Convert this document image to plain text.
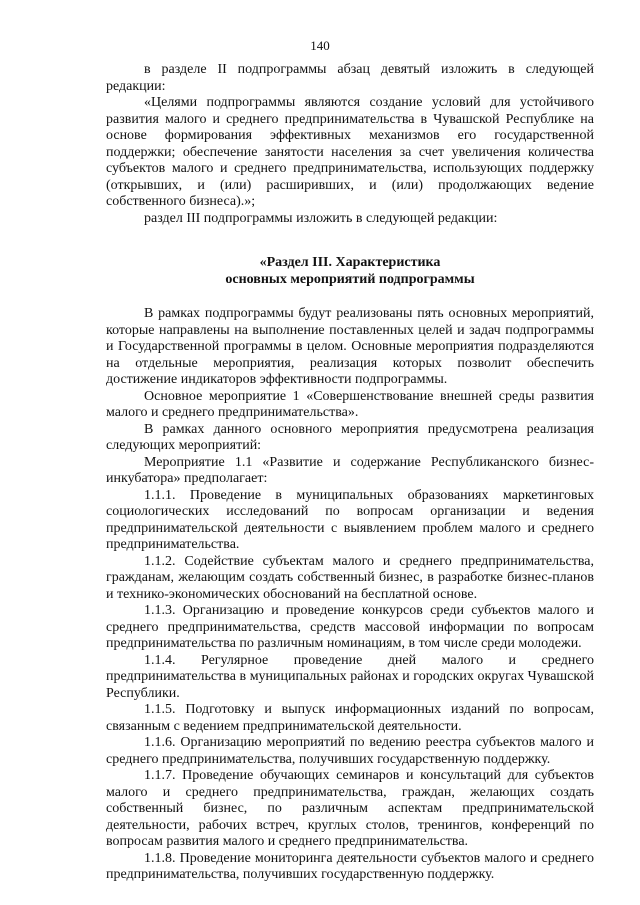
140

в разделе II подпрограммы абзац девятый изложить в следующей редакции:

«Целями подпрограммы являются создание условий для устойчивого развития малого и среднего предпринимательства в Чувашской Республике на основе формирования эффективных механизмов его государственной поддержки; обеспечение занятости населения за счет увеличения количества субъектов малого и среднего предпринимательства, использующих поддержку (открывших, и (или) расширивших, и (или) продолжающих ведение собственного бизнеса).»;

раздел III подпрограммы изложить в следующей редакции:

«Раздел III. Характеристика

основных мероприятий подпрограммы

В рамках подпрограммы будут реализованы пять основных мероприятий, которые направлены на выполнение поставленных целей и задач подпрограммы и Государственной программы в целом. Основные мероприятия подразделяются на отдельные мероприятия, реализация которых позволит обеспечить достижение индикаторов эффективности подпрограммы.

Основное мероприятие 1 «Совершенствование внешней среды развития малого и среднего предпринимательства».

В рамках данного основного мероприятия предусмотрена реализация следующих мероприятий:

Мероприятие 1.1 «Развитие и содержание Республиканского бизнес-инкубатора» предполагает:

1.1.1. Проведение в муниципальных образованиях маркетинговых социологических исследований по вопросам организации и ведения предпринимательской деятельности с выявлением проблем малого и среднего предпринимательства.

1.1.2. Содействие субъектам малого и среднего предпринимательства, гражданам, желающим создать собственный бизнес, в разработке бизнес-планов и технико-экономических обоснований на бесплатной основе.

1.1.3. Организацию и проведение конкурсов среди субъектов малого и среднего предпринимательства, средств массовой информации по вопросам предпринимательства по различным номинациям, в том числе среди молодежи.

1.1.4. Регулярное проведение дней малого и среднего предпринимательства в муниципальных районах и городских округах Чувашской Республики.

1.1.5. Подготовку и выпуск информационных изданий по вопросам, связанным с ведением предпринимательской деятельности.

1.1.6. Организацию мероприятий по ведению реестра субъектов малого и среднего предпринимательства, получивших государственную поддержку.

1.1.7. Проведение обучающих семинаров и консультаций для субъектов малого и среднего предпринимательства, граждан, желающих создать собственный бизнес, по различным аспектам предпринимательской деятельности, рабочих встреч, круглых столов, тренингов, конференций по вопросам развития малого и среднего предпринимательства.

1.1.8. Проведение мониторинга деятельности субъектов малого и среднего предпринимательства, получивших государственную поддержку.
